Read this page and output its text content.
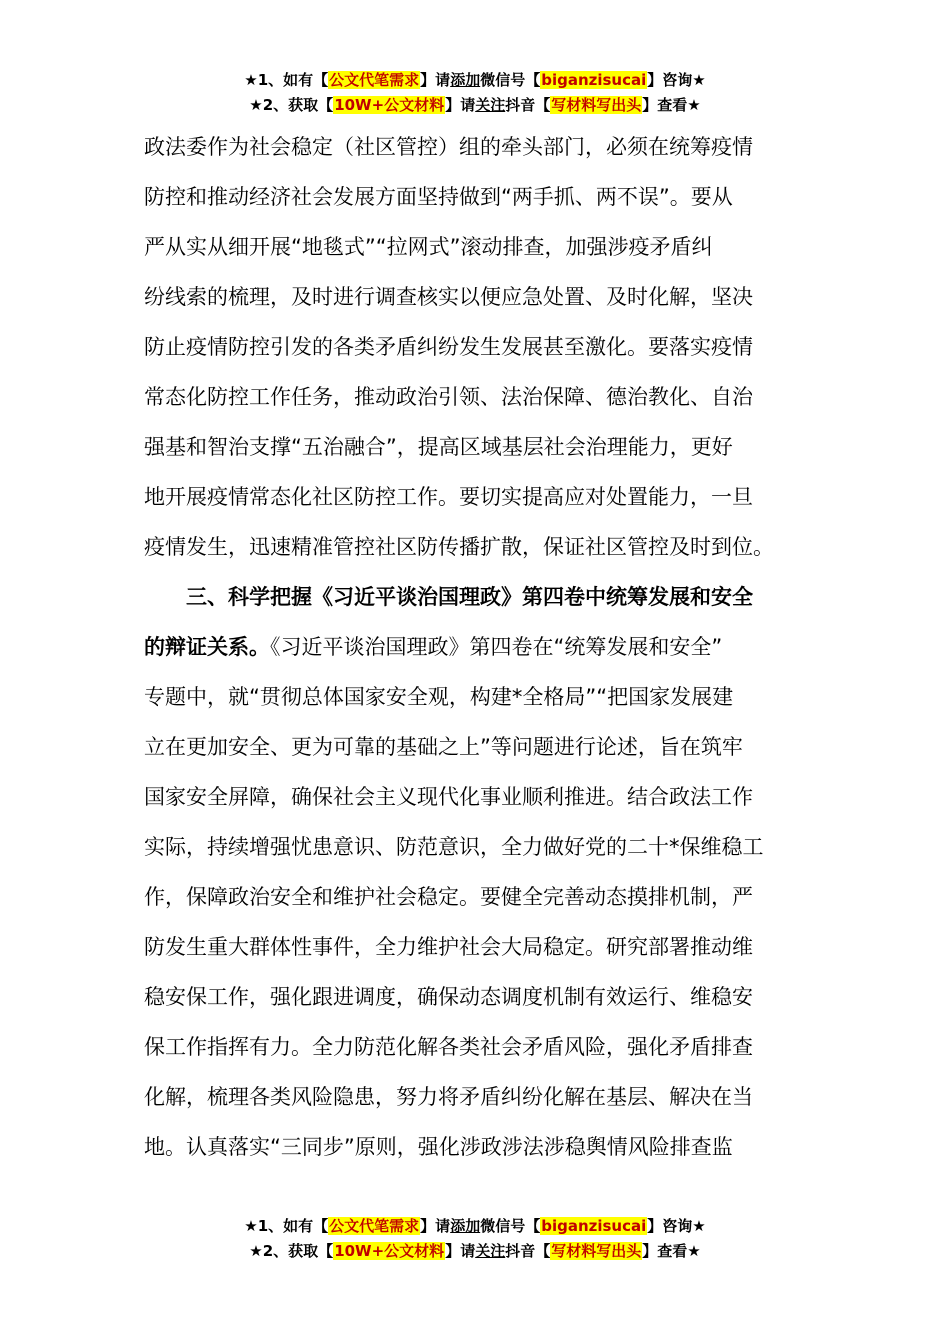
★1、如有【公文代笔需求】请添加微信号【biganzisucai】咨询★
★2、获取【10W+公文材料】请关注抖音【写材料写出头】查看★
政法委作为社会稳定（社区管控）组的牵头部门，必须在统筹疫情
防控和推动经济社会发展方面坚持做到“两手抓、两不误”。要从
严从实从细开展“地毯式”“拉网式”滚动排查，加强涉疫矛盾纠
纷线索的梳理，及时进行调查核实以便应急处置、及时化解，坚决
防止疫情防控引发的各类矛盾纠纷发生发展甚至激化。要落实疫情
常态化防控工作任务，推动政治引领、法治保障、德治教化、自治
强基和智治支撑“五治融合”，提高区域基层社会治理能力，更好
地开展疫情常态化社区防控工作。要切实提高应对处置能力，一旦
疫情发生，迅速精准管控社区防传播扩散，保证社区管控及时到位。
三、科学把握《习近平谈治国理政》第四卷中统筹发展和安全
的辩证关系。《习近平谈治国理政》第四卷在“统筹发展和安全”
专题中，就“贯彻总体国家安全观，构建*全格局”“把国家发展建
立在更加安全、更为可靠的基础之上”等问题进行论述，旨在筑牢
国家安全屏障，确保社会主义现代化事业顺利推进。结合政法工作
实际，持续增强忧患意识、防范意识，全力做好党的二十*保维稳工
作，保障政治安全和维护社会稳定。要健全完善动态摸排机制，严
防发生重大群体性事件，全力维护社会大局稳定。研究部署推动维
稳安保工作，强化跟进调度，确保动态调度机制有效运行、维稳安
保工作指挥有力。全力防范化解各类社会矛盾风险，强化矛盾排查
化解，梳理各类风险隐患，努力将矛盾纠纷化解在基层、解决在当
地。认真落实“三同步”原则，强化涉政涉法涉稳舆情风险排查监
★1、如有【公文代笔需求】请添加微信号【biganzisucai】咨询★
★2、获取【10W+公文材料】请关注抖音【写材料写出头】查看★
